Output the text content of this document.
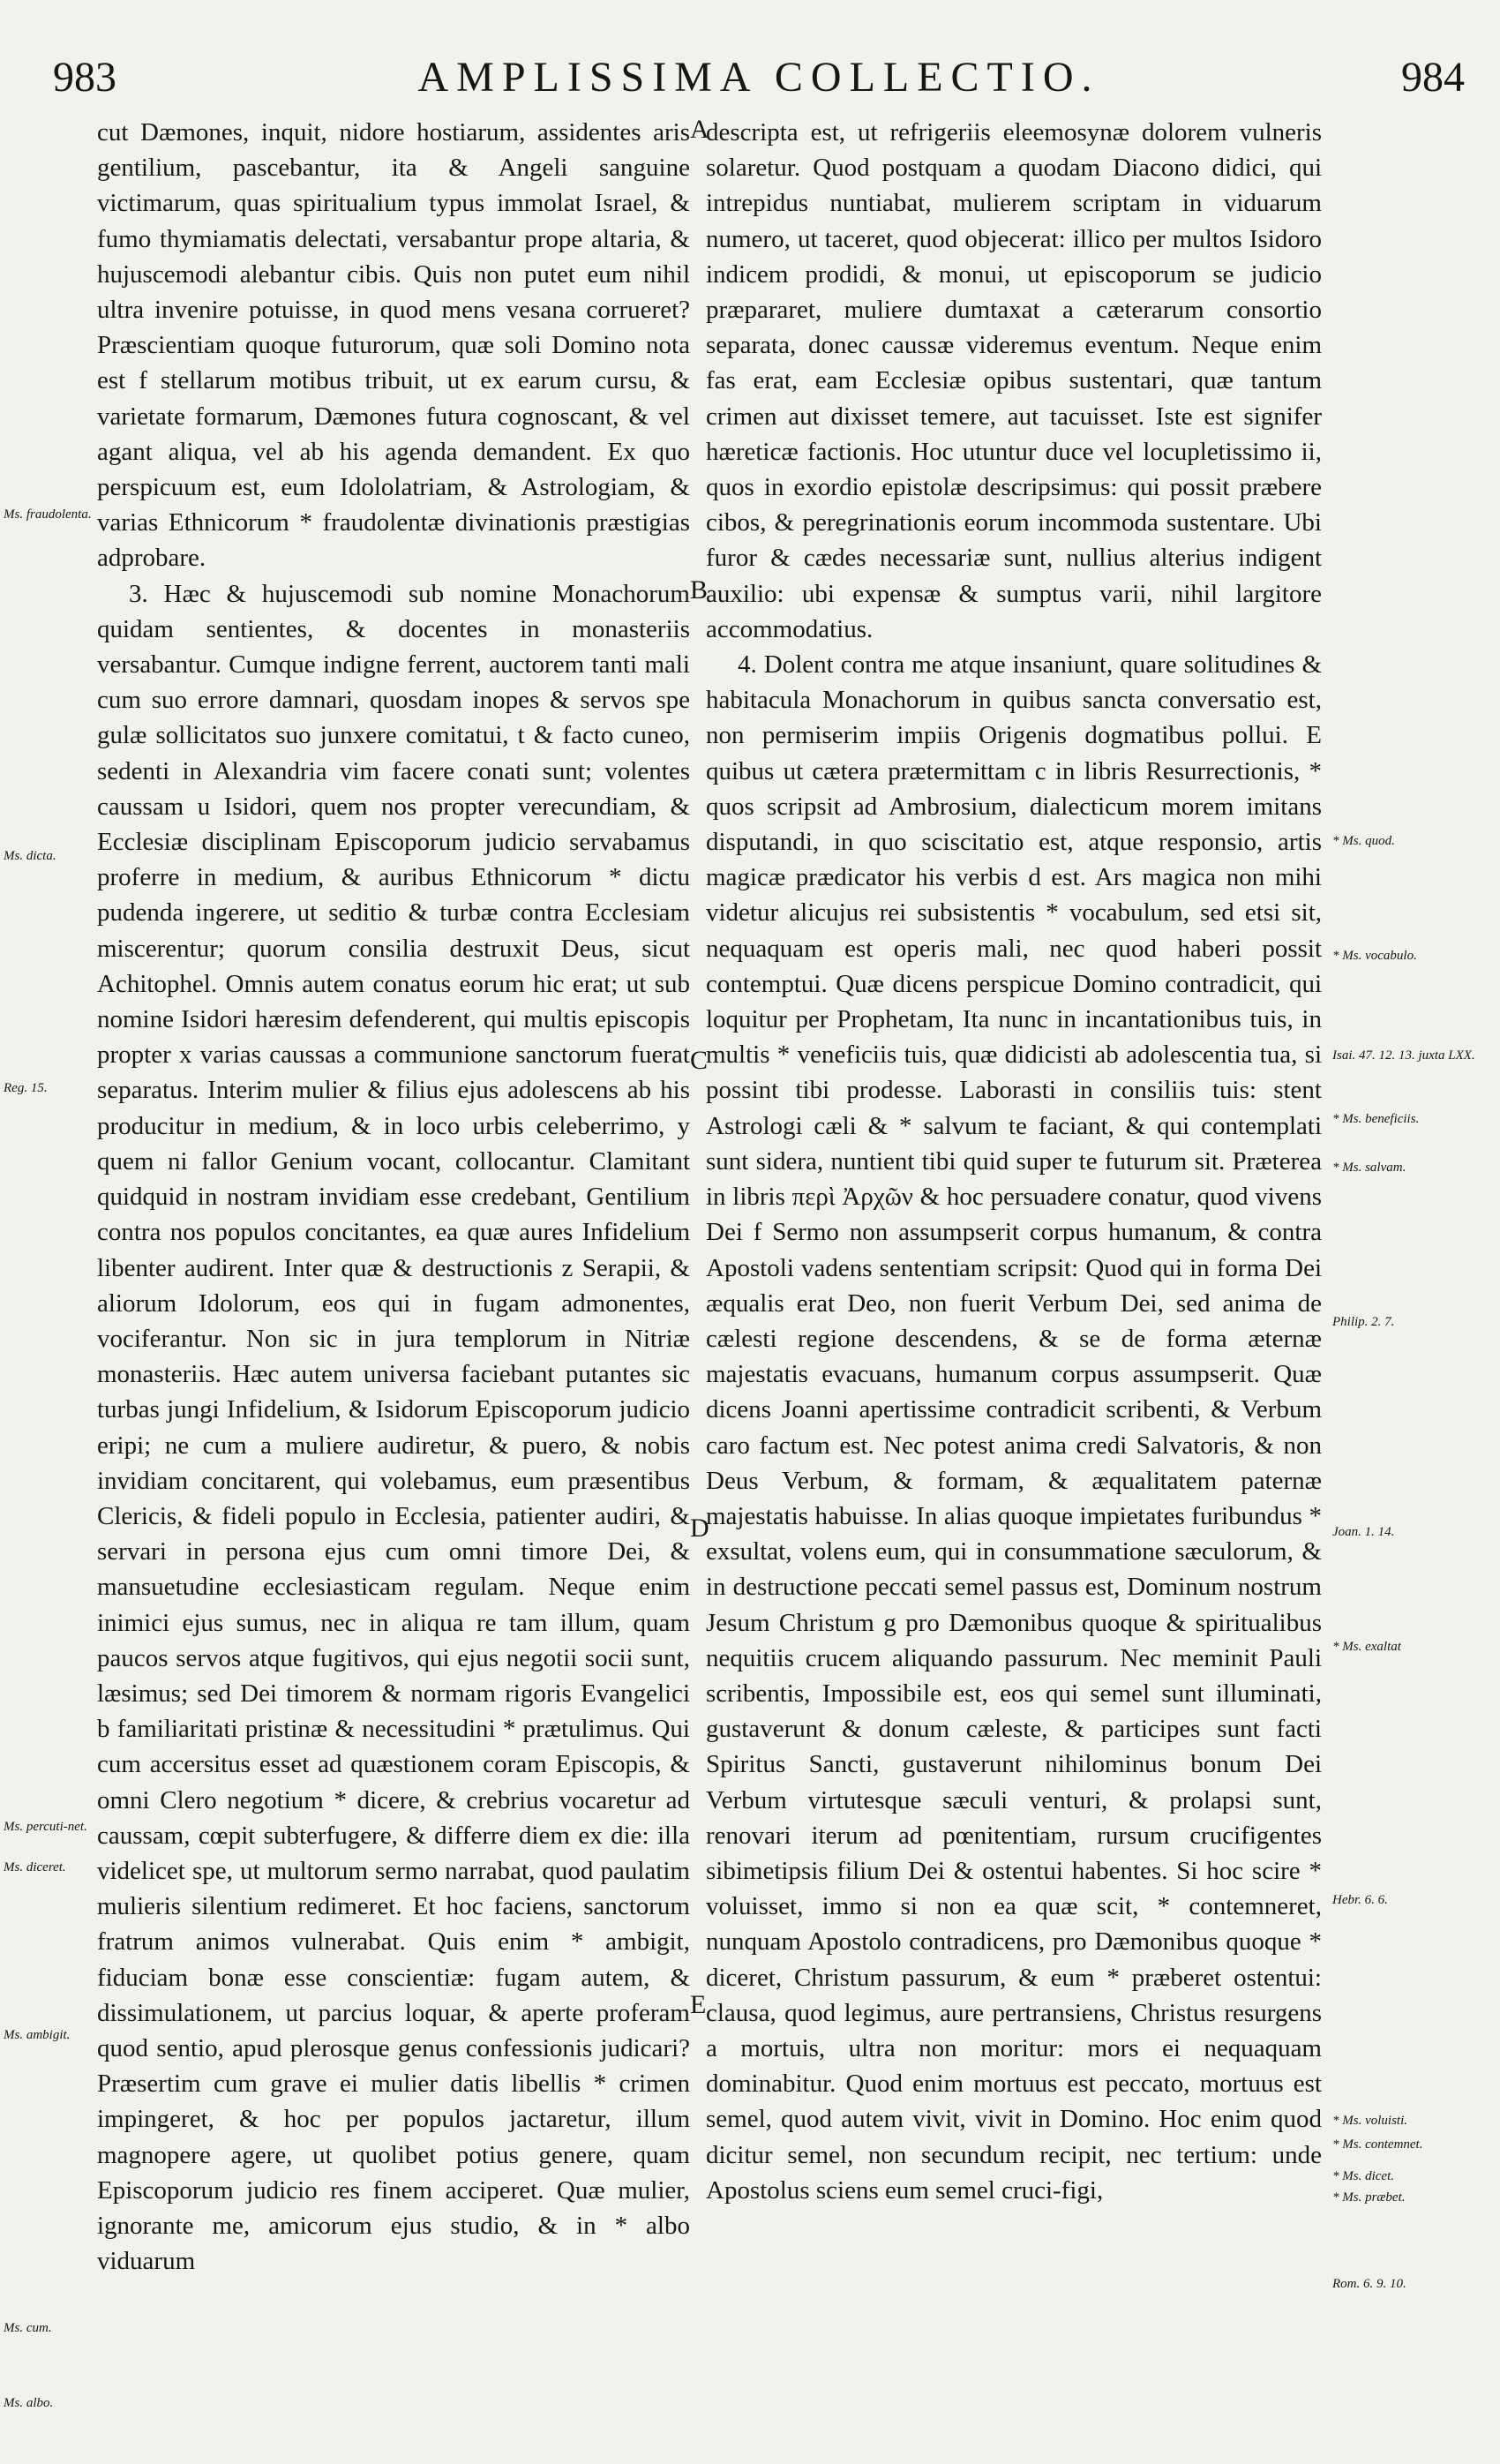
983	AMPLISSIMA COLLECTIO.	984
Ms. fraudolenta.
Ms. dicta.
Reg. 15.
Ms. percuti-net.
Ms. diceret.
Ms. ambigit.
Ms. cum.
Ms. albo.

cut Dæmones, inquit, nidore hostiarum, assidentes aris gentilium, pascebantur, ita & Angeli sanguine victimarum, quas spiritualium typus immolat Israel, & fumo thymiamatis delectati, versabantur prope altaria, & hujuscemodi alebantur cibis. Quis non putet eum nihil ultra invenire potuisse, in quod mens vesana corrueret? Præscientiam quoque futurorum, quæ soli Domino nota est f stellarum motibus tribuit, ut ex earum cursu, & varietate formarum, Dæmones futura cognoscant, & vel agant aliqua, vel ab his agenda demandent. Ex quo perspicuum est, eum Idololatriam, & Astrologiam, & varias Ethnicorum * fraudolentæ divinationis præstigias adprobare.

3. Hæc & hujuscemodi sub nomine Monachorum quidam sentientes, & docentes in monasteriis versabantur. Cumque indigne ferrent, auctorem tanti mali cum suo errore damnari, quosdam inopes & servos spe gulæ sollicitatos suo junxere comitatui, t & facto cuneo, sedenti in Alexandria vim facere conati sunt; volentes caussam u Isidori, quem nos propter verecundiam, & Ecclesiæ disciplinam Episcoporum judicio servabamus proferre in medium, & auribus Ethnicorum * dictu pudenda ingerere, ut seditio & turbæ contra Ecclesiam miscerentur; quorum consilia destruxit Deus, sicut Achitophel. Omnis autem conatus eorum hic erat; ut sub nomine Isidori hæresim defenderent, qui multis episcopis propter x varias caussas a communione sanctorum fuerat separatus. Interim mulier & filius ejus adolescens ab his producitur in medium, & in loco urbis celeberrimo, y quem ni fallor Genium vocant, collocantur. Clamitant quidquid in nostram invidiam esse credebant, Gentilium contra nos populos concitantes, ea quæ aures Infidelium libenter audirent. Inter quæ & destructionis z Serapii, & aliorum Idolorum, eos qui in fugam admonentes, vociferantur. Non sic in jura templorum in Nitriæ monasteriis. Hæc autem universa faciebant putantes sic turbas jungi Infidelium, & Isidorum Episcoporum judicio eripi; ne cum a muliere audiretur, & puero, & nobis invidiam concitarent, qui volebamus, eum præsentibus Clericis, & fideli populo in Ecclesia, patienter audiri, & servari in persona ejus cum omni timore Dei, & mansuetudine ecclesiasticam regulam. Neque enim inimici ejus sumus, nec in aliqua re tam illum, quam paucos servos atque fugitivos, qui ejus negotii socii sunt, læsimus; sed Dei timorem & normam rigoris Evangelici b familiaritati pristinæ & necessitudini * prætulimus. Qui cum accersitus esset ad quæstionem coram Episcopis, & omni Clero negotium * dicere, & crebrius vocaretur ad caussam, cœpit subterfugere, & differre diem ex die: illa videlicet spe, ut multorum sermo narrabat, quod paulatim mulieris silentium redimeret. Et hoc faciens, sanctorum fratrum animos vulnerabat. Quis enim * ambigit, fiduciam bonæ esse conscientiæ: fugam autem, & dissimulationem, ut parcius loquar, & aperte proferam quod sentio, apud plerosque genus confessionis judicari? Præsertim cum grave ei mulier datis libellis * crimen impingeret, & hoc per populos jactaretur, illum magnopere agere, ut quolibet potius genere, quam Episcoporum judicio res finem acciperet. Quæ mulier, ignorante me, amicorum ejus studio, & in * albo viduarum

A
B
C
D
E

descripta est, ut refrigeriis eleemosynæ dolorem vulneris solaretur. Quod postquam a quodam Diacono didici, qui intrepidus nuntiabat, mulierem scriptam in viduarum numero, ut taceret, quod objecerat: illico per multos Isidoro indicem prodidi, & monui, ut episcoporum se judicio præpararet, muliere dumtaxat a cæterarum consortio separata, donec caussæ videremus eventum. Neque enim fas erat, eam Ecclesiæ opibus sustentari, quæ tantum crimen aut dixisset temere, aut tacuisset. Iste est signifer hæreticæ factionis. Hoc utuntur duce vel locupletissimo ii, quos in exordio epistolæ descripsimus: qui possit præbere cibos, & peregrinationis eorum incommoda sustentare. Ubi furor & cædes necessariæ sunt, nullius alterius indigent auxilio: ubi expensæ & sumptus varii, nihil largitore accommodatius.

4. Dolent contra me atque insaniunt, quare solitudines & habitacula Monachorum in quibus sancta conversatio est, non permiserim impiis Origenis dogmatibus pollui. E quibus ut cætera prætermittam c in libris Resurrectionis, * quos scripsit ad Ambrosium, dialecticum morem imitans disputandi, in quo sciscitatio est, atque responsio, artis magicæ prædicator his verbis d est. Ars magica non mihi videtur alicujus rei subsistentis * vocabulum, sed etsi sit, nequaquam est operis mali, nec quod haberi possit contemptui. Quæ dicens perspicue Domino contradicit, qui loquitur per Prophetam, Ita nunc in incantationibus tuis, in multis * veneficiis tuis, quæ didicisti ab adolescentia tua, si possint tibi prodesse. Laborasti in consiliis tuis: stent Astrologi cæli & * salvum te faciant, & qui contemplati sunt sidera, nuntient tibi quid super te futurum sit. Præterea in libris περὶ Ἀρχῶν & hoc persuadere conatur, quod vivens Dei f Sermo non assumpserit corpus humanum, & contra Apostoli vadens sententiam scripsit: Quod qui in forma Dei æqualis erat Deo, non fuerit Verbum Dei, sed anima de cælesti regione descendens, & se de forma æternæ majestatis evacuans, humanum corpus assumpserit. Quæ dicens Joanni apertissime contradicit scribenti, & Verbum caro factum est. Nec potest anima credi Salvatoris, & non Deus Verbum, & formam, & æqualitatem paternæ majestatis habuisse. In alias quoque impietates furibundus * exsultat, volens eum, qui in consummatione sæculorum, & in destructione peccati semel passus est, Dominum nostrum Jesum Christum g pro Dæmonibus quoque & spiritualibus nequitiis crucem aliquando passurum. Nec meminit Pauli scribentis, Impossibile est, eos qui semel sunt illuminati, gustaverunt & donum cæleste, & participes sunt facti Spiritus Sancti, gustaverunt nihilominus bonum Dei Verbum virtutesque sæculi venturi, & prolapsi sunt, renovari iterum ad pœnitentiam, rursum crucifigentes sibimetipsis filium Dei & ostentui habentes. Si hoc scire * voluisset, immo si non ea quæ scit, * contemneret, nunquam Apostolo contradicens, pro Dæmonibus quoque * diceret, Christum passurum, & eum * præberet ostentui: clausa, quod legimus, aure pertransiens, Christus resurgens a mortuis, ultra non moritur: mors ei nequaquam dominabitur. Quod enim mortuus est peccato, mortuus est semel, quod autem vivit, vivit in Domino. Hoc enim quod dicitur semel, non secundum recipit, nec tertium: unde Apostolus sciens eum semel cruci-figi,

* Ms. quod.
* Ms. vocabulo.
Isai. 47. 12. 13. juxta LXX.
* Ms. beneficiis.
* Ms. salvam.
Philip. 2. 7.
Joan. 1. 14.
* Ms. exaltat
Hebr. 6. 6.
* Ms. voluisti.
* Ms. contemnet.
* Ms. dicet.
* Ms. præbet.
Rom. 6. 9. 10.
